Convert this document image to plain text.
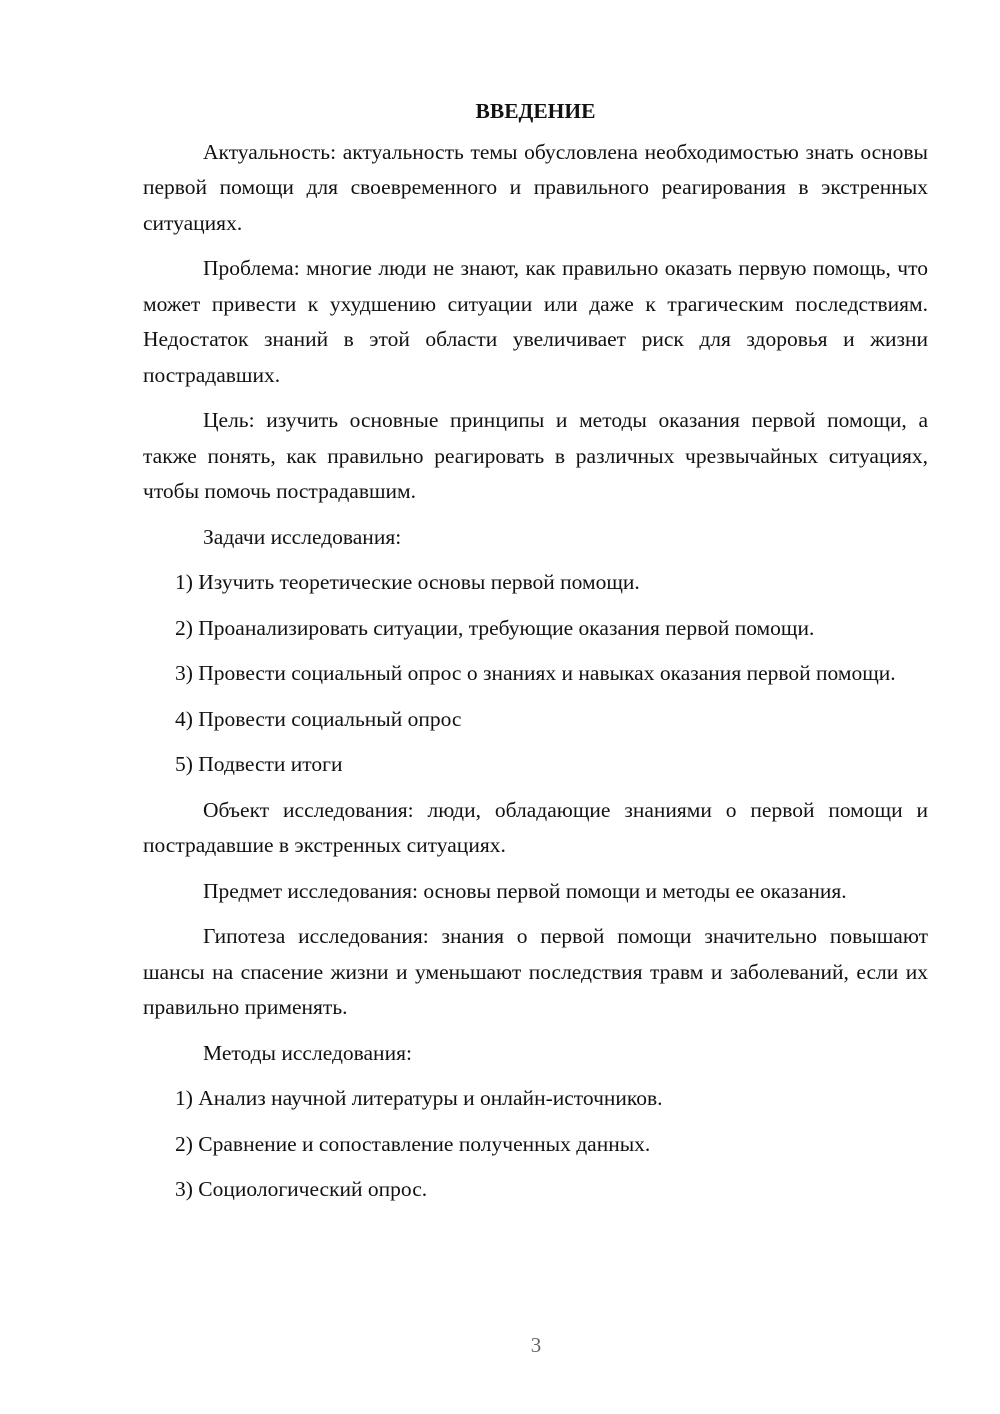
ВВЕДЕНИЕ

Актуальность: актуальность темы обусловлена необходимостью знать основы первой помощи для своевременного и правильного реагирования в экстренных ситуациях.

Проблема: многие люди не знают, как правильно оказать первую помощь, что может привести к ухудшению ситуации или даже к трагическим последствиям. Недостаток знаний в этой области увеличивает риск для здоровья и жизни пострадавших.

Цель: изучить основные принципы и методы оказания первой помощи, а также понять, как правильно реагировать в различных чрезвычайных ситуациях, чтобы помочь пострадавшим.

Задачи исследования:

1) Изучить теоретические основы первой помощи.

2) Проанализировать ситуации, требующие оказания первой помощи.

3) Провести социальный опрос о знаниях и навыках оказания первой помощи.

4) Провести социальный опрос

5) Подвести итоги

Объект исследования: люди, обладающие знаниями о первой помощи и пострадавшие в экстренных ситуациях.

Предмет исследования: основы первой помощи и методы ее оказания.

Гипотеза исследования: знания о первой помощи значительно повышают шансы на спасение жизни и уменьшают последствия травм и заболеваний, если их правильно применять.

Методы исследования:

1) Анализ научной литературы и онлайн-источников.

2) Сравнение и сопоставление полученных данных.

3) Социологический опрос.

3
